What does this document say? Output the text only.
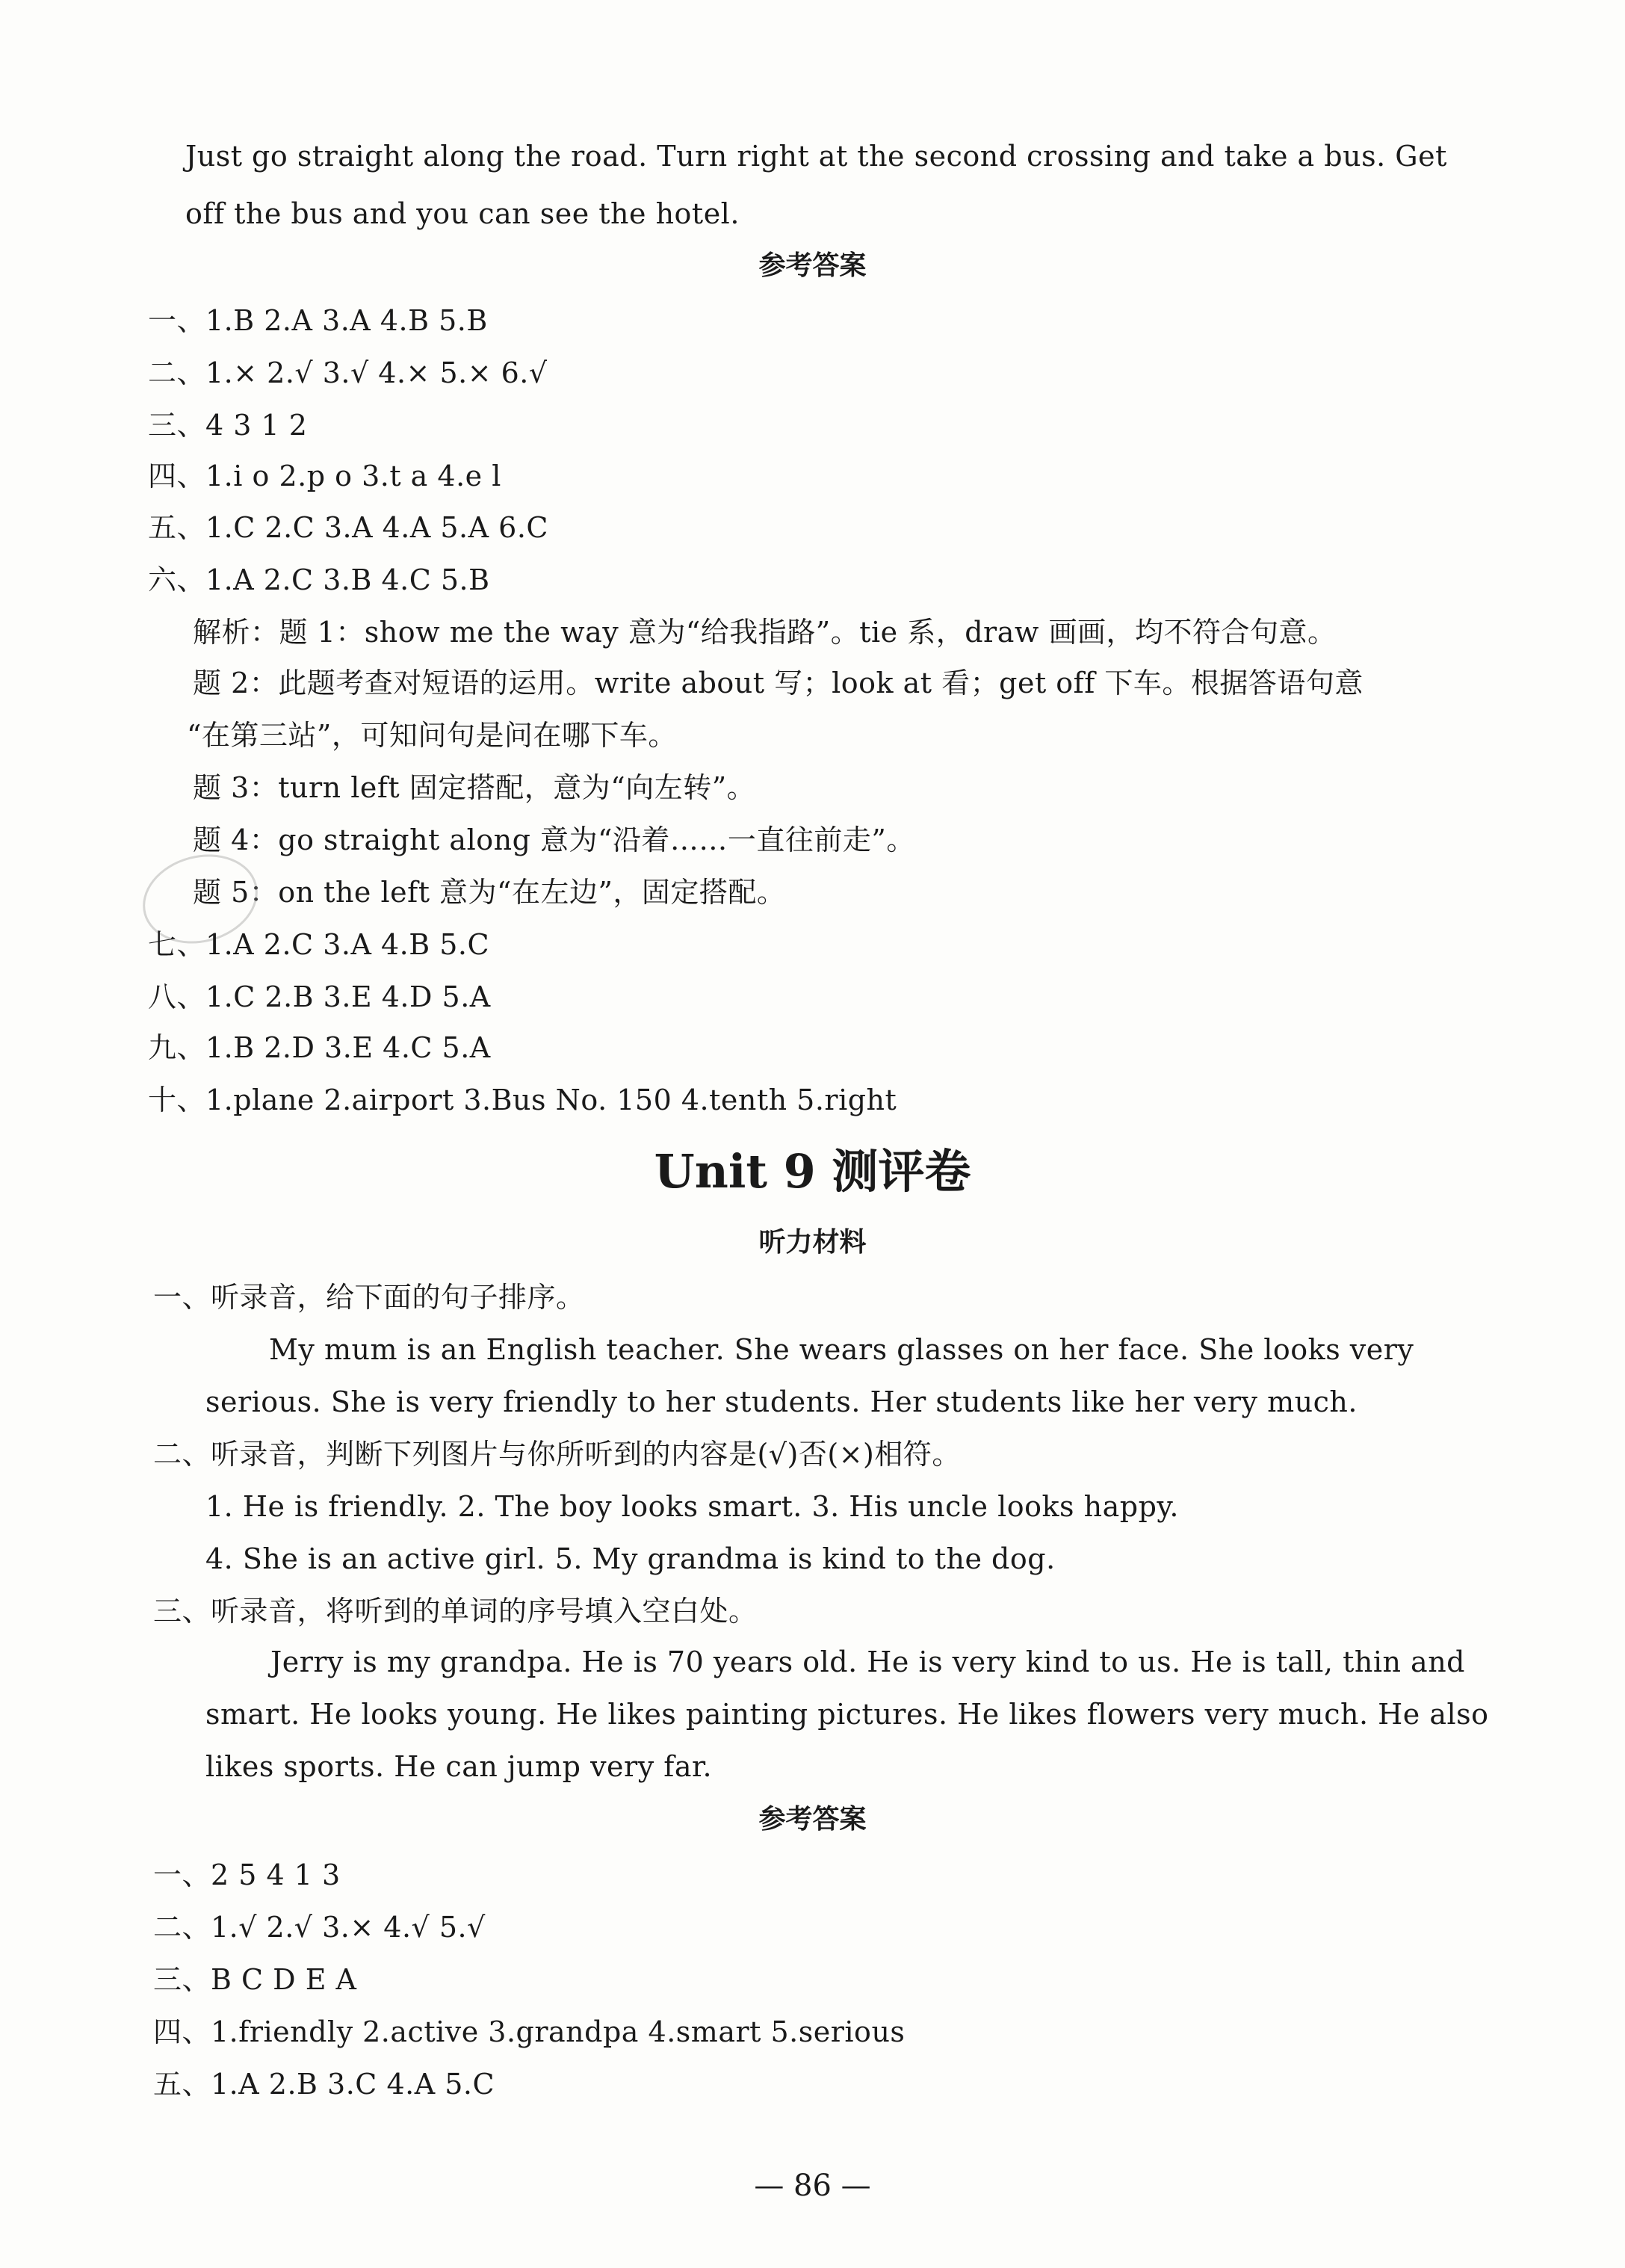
Just go straight along the road. Turn right at the second crossing and take a bus. Get
off the bus and you can see the hotel.
参考答案
一、1.B 2.A 3.A 4.B 5.B
二、1.× 2.√ 3.√ 4.× 5.× 6.√
三、4 3 1 2
四、1.i o 2.p o 3.t a 4.e l
五、1.C 2.C 3.A 4.A 5.A 6.C
六、1.A 2.C 3.B 4.C 5.B
解析：题 1：show me the way 意为“给我指路”。tie 系，draw 画画，均不符合句意。
题 2：此题考查对短语的运用。write about 写；look at 看；get off 下车。根据答语句意
“在第三站”，可知问句是问在哪下车。
题 3：turn left 固定搭配，意为“向左转”。
题 4：go straight along 意为“沿着……一直往前走”。
题 5：on the left 意为“在左边”，固定搭配。
七、1.A 2.C 3.A 4.B 5.C
八、1.C 2.B 3.E 4.D 5.A
九、1.B 2.D 3.E 4.C 5.A
十、1.plane 2.airport 3.Bus No. 150 4.tenth 5.right
Unit 9 测评卷
听力材料
一、听录音，给下面的句子排序。
My mum is an English teacher. She wears glasses on her face. She looks very
serious. She is very friendly to her students. Her students like her very much.
二、听录音，判断下列图片与你所听到的内容是(√)否(×)相符。
1. He is friendly. 2. The boy looks smart. 3. His uncle looks happy.
4. She is an active girl. 5. My grandma is kind to the dog.
三、听录音，将听到的单词的序号填入空白处。
Jerry is my grandpa. He is 70 years old. He is very kind to us. He is tall, thin and
smart. He looks young. He likes painting pictures. He likes flowers very much. He also
likes sports. He can jump very far.
参考答案
一、2 5 4 1 3
二、1.√ 2.√ 3.× 4.√ 5.√
三、B C D E A
四、1.friendly 2.active 3.grandpa 4.smart 5.serious
五、1.A 2.B 3.C 4.A 5.C
— 86 —
